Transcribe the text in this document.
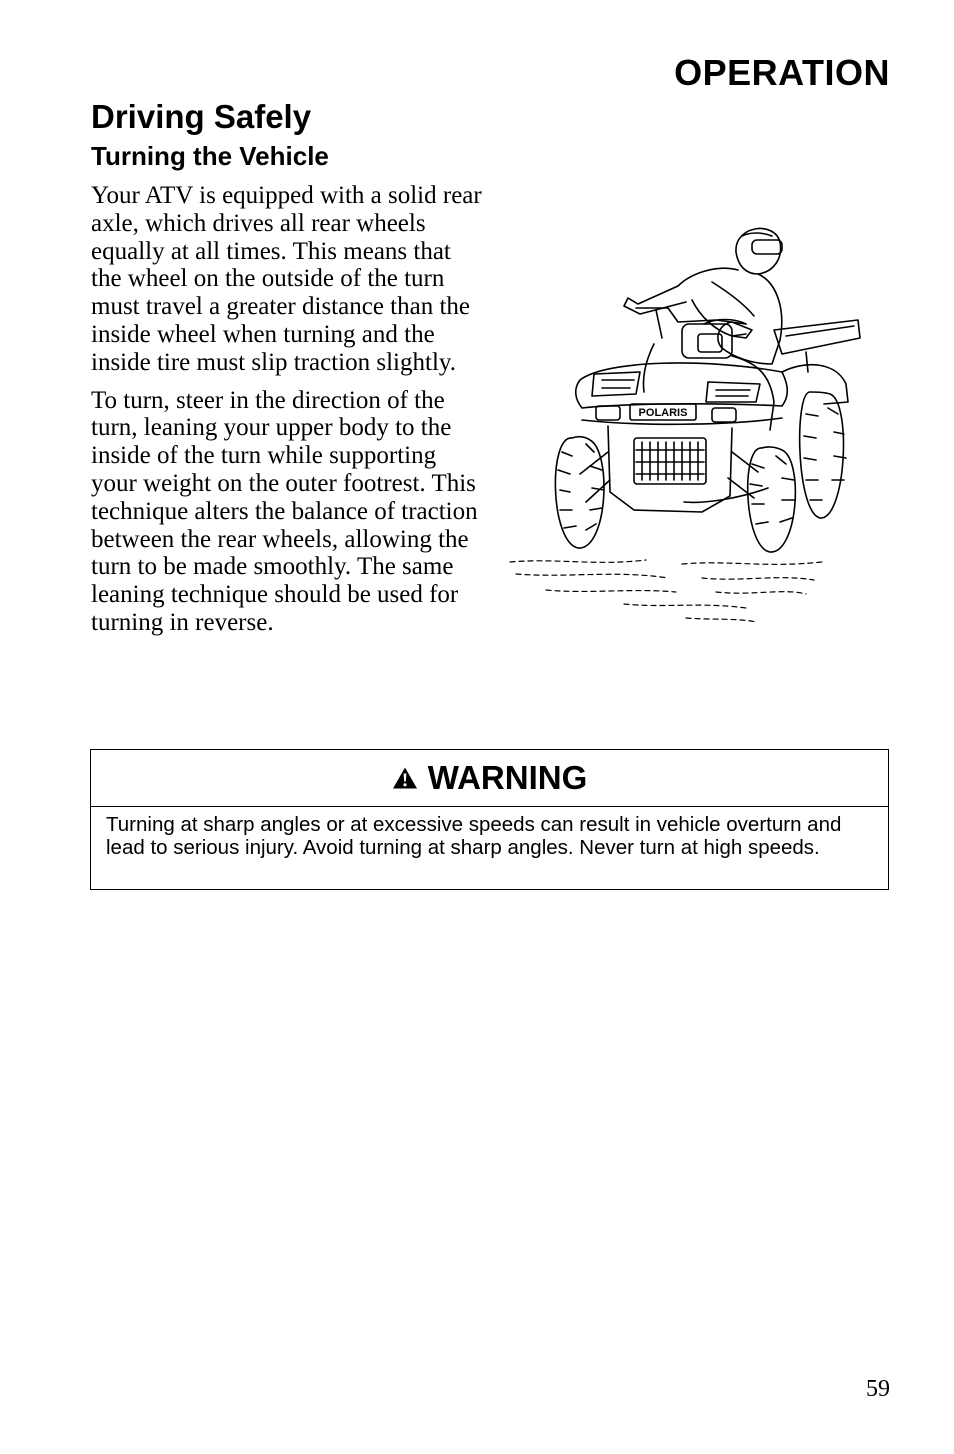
OPERATION
Driving Safely
Turning the Vehicle

Your ATV is equipped with a solid rear axle, which drives all rear wheels equally at all times. This means that the wheel on the outside of the turn must travel a greater distance than the inside wheel when turning and the inside tire must slip traction slightly.

To turn, steer in the direction of the turn, leaning your upper body to the inside of the turn while supporting your weight on the outer footrest. This technique alters the balance of traction between the rear wheels, allowing the turn to be made smoothly. The same leaning technique should be used for turning in reverse.

POLARIS
WARNING
Turning at sharp angles or at excessive speeds can result in vehicle overturn and lead to serious injury. Avoid turning at sharp angles. Never turn at high speeds.
59
